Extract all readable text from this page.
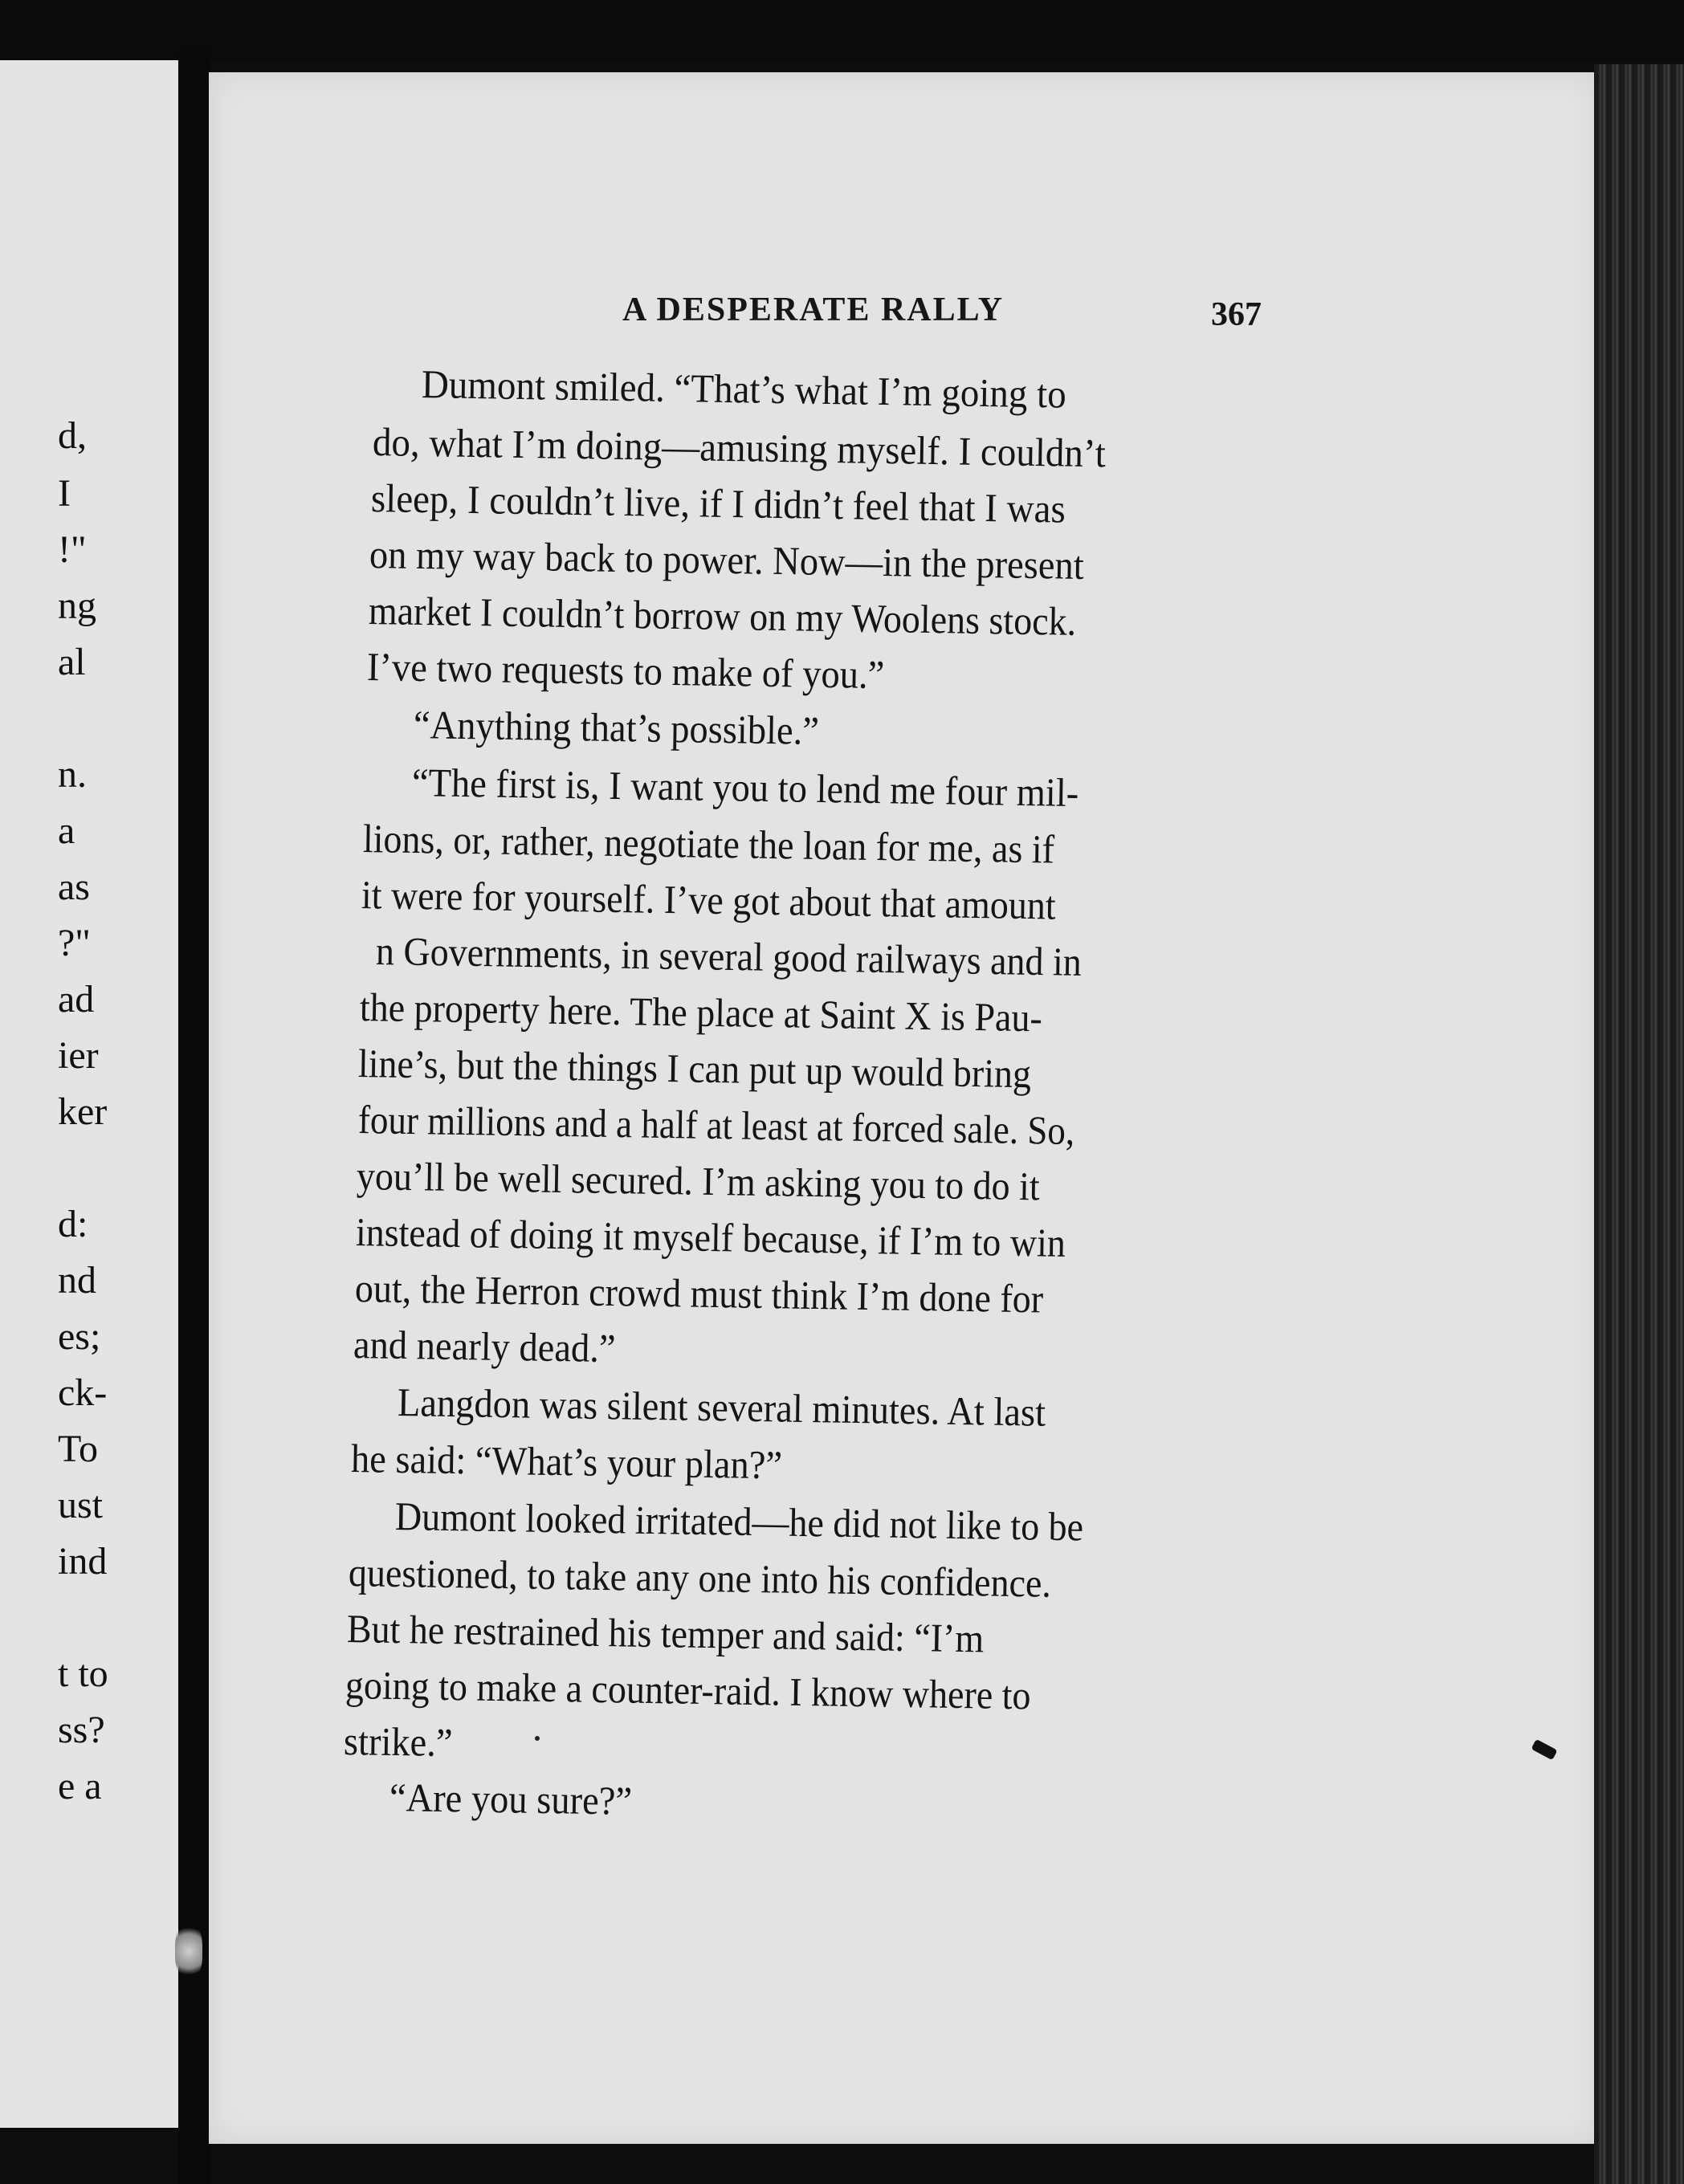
d,
I
!"
ng
al
n.
a
as
?"
ad
ier
ker
d:
nd
es;
ck-
To
ust
ind
t to
ss?
e a
A DESPERATE RALLY	367
Dumont smiled. “That’s what I’m going to
do, what I’m doing—amusing myself. I couldn’t
sleep, I couldn’t live, if I didn’t feel that I was
on my way back to power. Now—in the present
market I couldn’t borrow on my Woolens stock.
I’ve two requests to make of you.”
“Anything that’s possible.”
“The first is, I want you to lend me four mil-
lions, or, rather, negotiate the loan for me, as if
it were for yourself. I’ve got about that amount
n Governments, in several good railways and in
the property here. The place at Saint X is Pau-
line’s, but the things I can put up would bring
four millions and a half at least at forced sale. So,
you’ll be well secured. I’m asking you to do it
instead of doing it myself because, if I’m to win
out, the Herron crowd must think I’m done for
and nearly dead.”
Langdon was silent several minutes. At last
he said: “What’s your plan?”
Dumont looked irritated—he did not like to be
questioned, to take any one into his confidence.
But he restrained his temper and said: “I’m
going to make a counter-raid. I know where to
strike.”
“Are you sure?”
